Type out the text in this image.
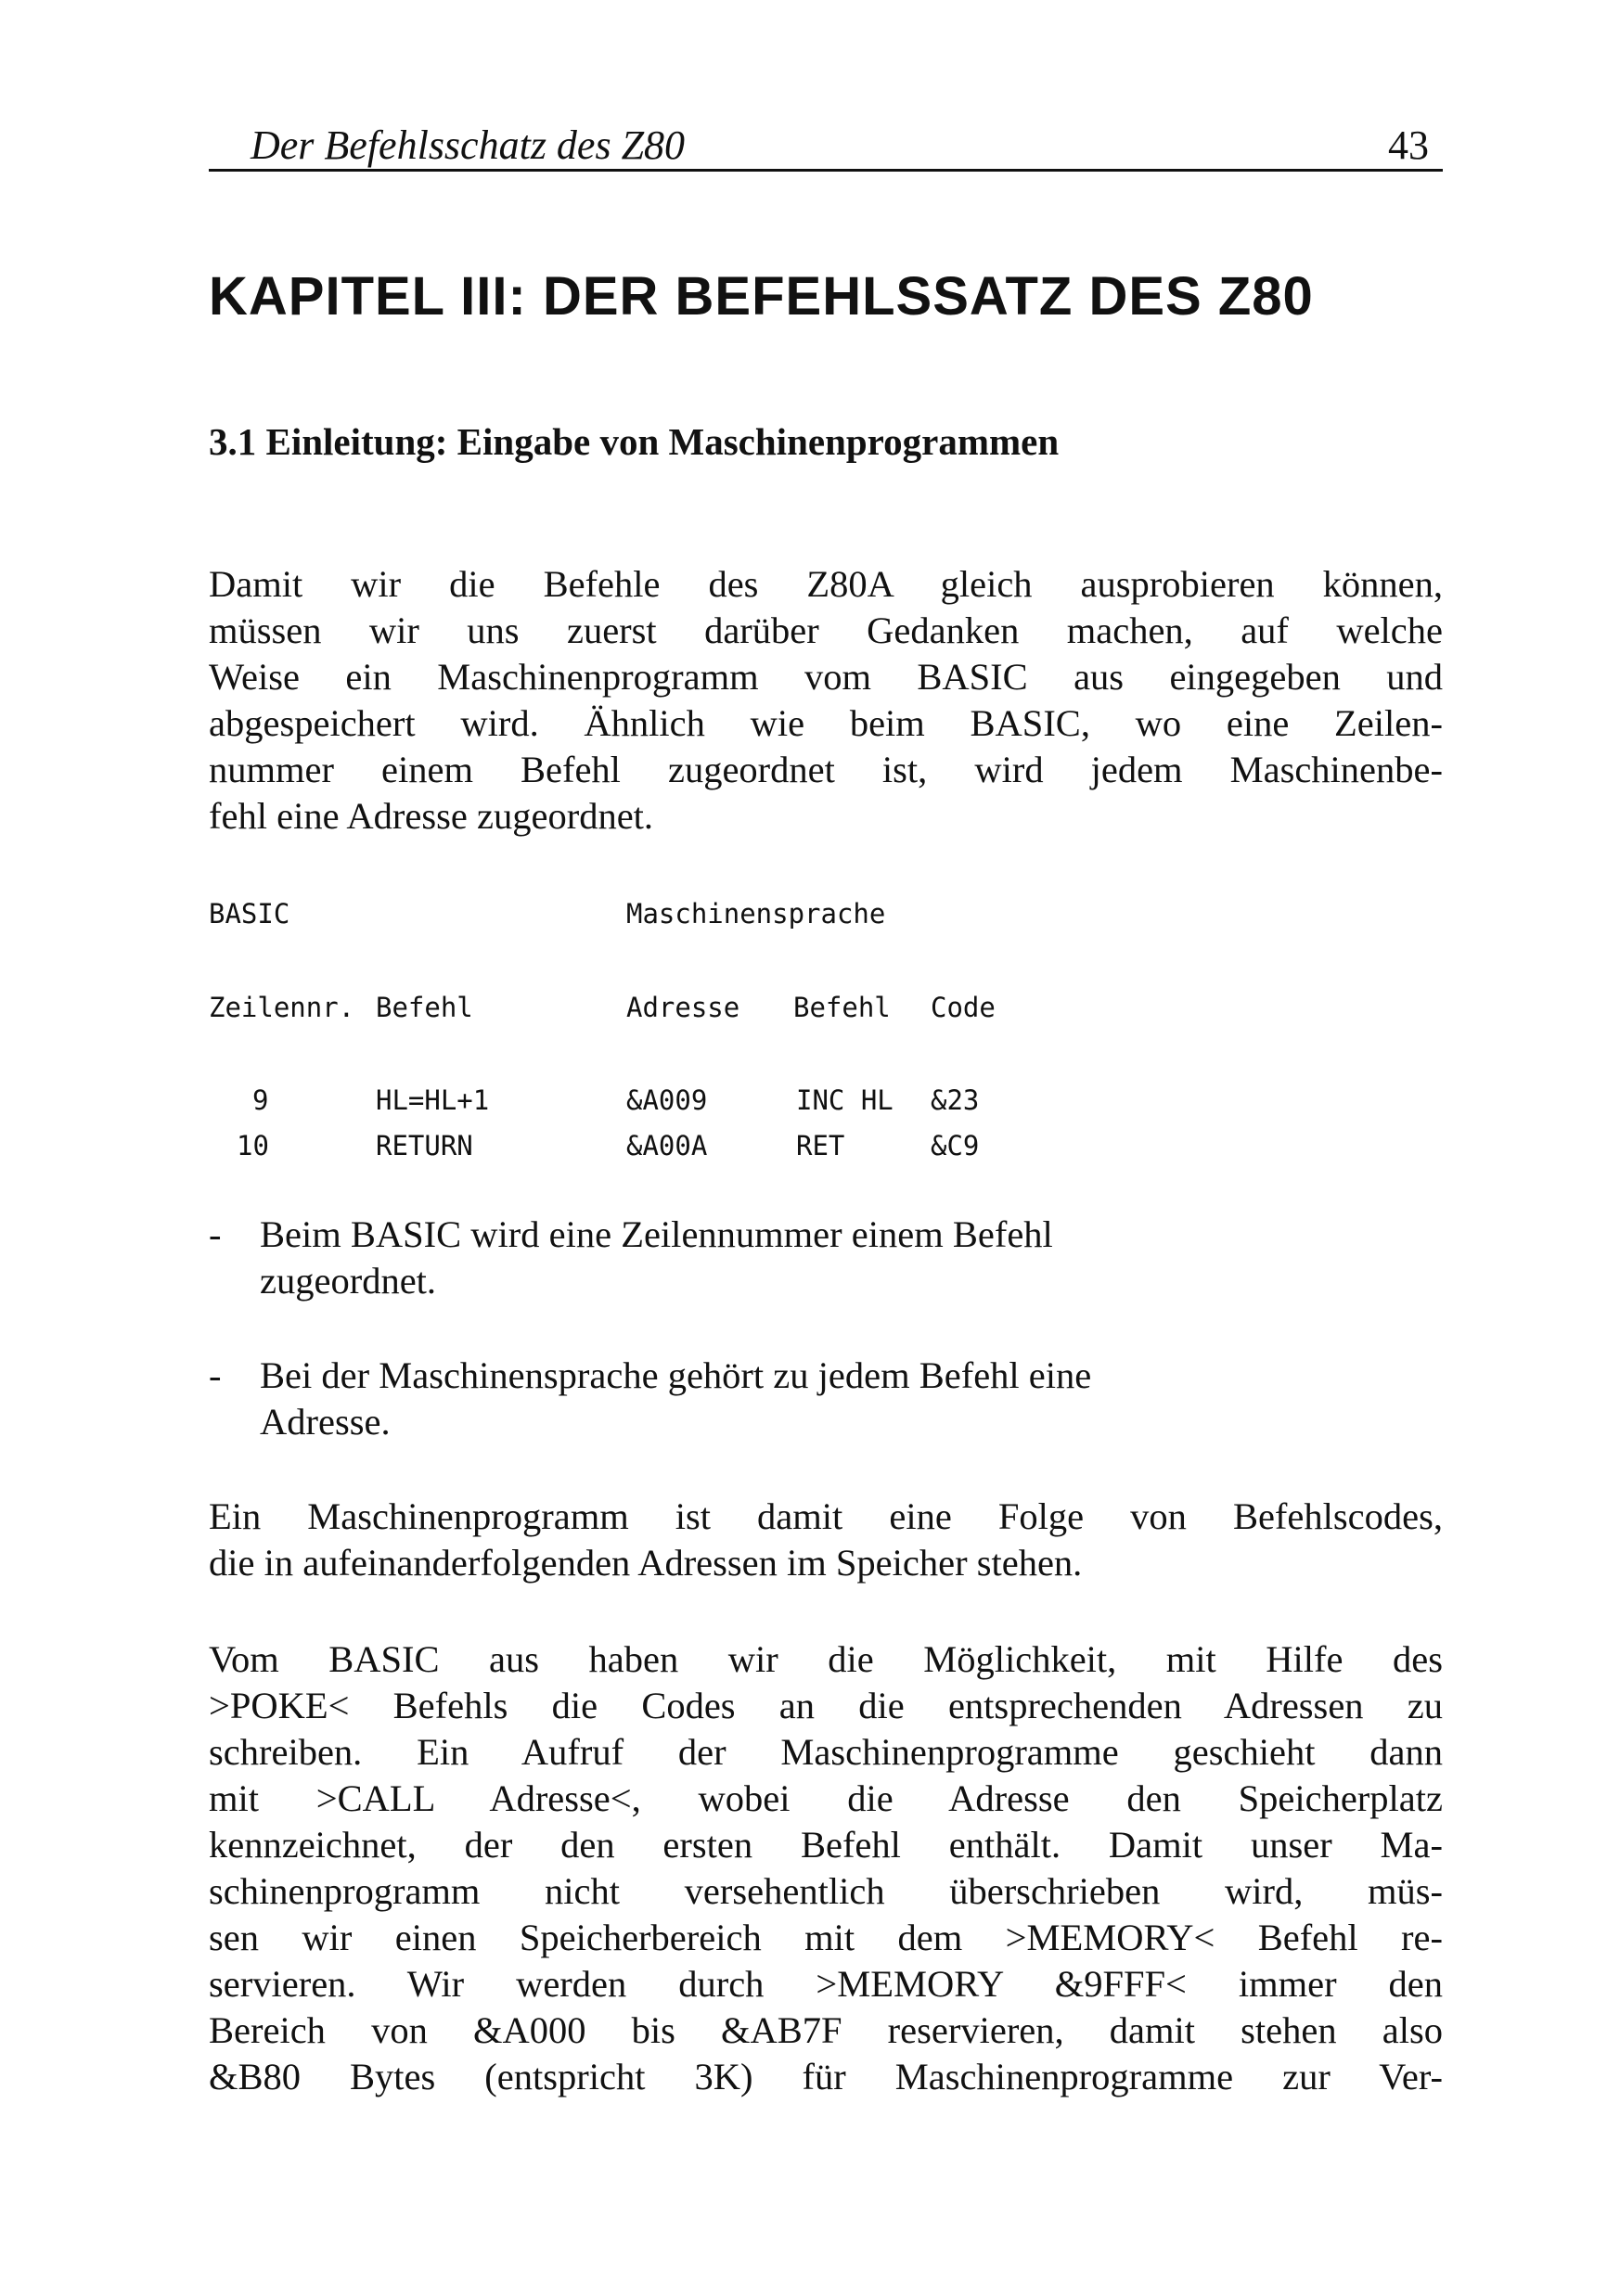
Der Befehlsschatz des Z80	43
KAPITEL III: DER BEFEHLSSATZ DES Z80
3.1 Einleitung: Eingabe von Maschinenprogrammen

Damit wir die Befehle des Z80A gleich ausprobieren können,
müssen wir uns zuerst darüber Gedanken machen, auf welche
Weise ein Maschinenprogramm vom BASIC aus eingegeben und
abgespeichert wird. Ähnlich wie beim BASIC, wo eine Zeilen-
nummer einem Befehl zugeordnet ist, wird jedem Maschinenbe-
fehl eine Adresse zugeordnet.

BASIC	Maschinensprache
Zeilennr. Befehl	Adresse Befehl Code
9	HL=HL+1	&A009	INC HL &23
10	RETURN	&A00A	RET	&C9
- Beim BASIC wird eine Zeilennummer einem Befehl
zugeordnet.
- Bei der Maschinensprache gehört zu jedem Befehl eine
Adresse.

Ein Maschinenprogramm ist damit eine Folge von Befehlscodes,
die in aufeinanderfolgenden Adressen im Speicher stehen.

Vom BASIC aus haben wir die Möglichkeit, mit Hilfe des
>POKE< Befehls die Codes an die entsprechenden Adressen zu
schreiben. Ein Aufruf der Maschinenprogramme geschieht dann
mit >CALL Adresse<, wobei die Adresse den Speicherplatz
kennzeichnet, der den ersten Befehl enthält. Damit unser Ma-
schinenprogramm nicht versehentlich überschrieben wird, müs-
sen wir einen Speicherbereich mit dem >MEMORY< Befehl re-
servieren. Wir werden durch >MEMORY &9FFF< immer den
Bereich von &A000 bis &AB7F reservieren, damit stehen also
&B80 Bytes (entspricht 3K) für Maschinenprogramme zur Ver-
